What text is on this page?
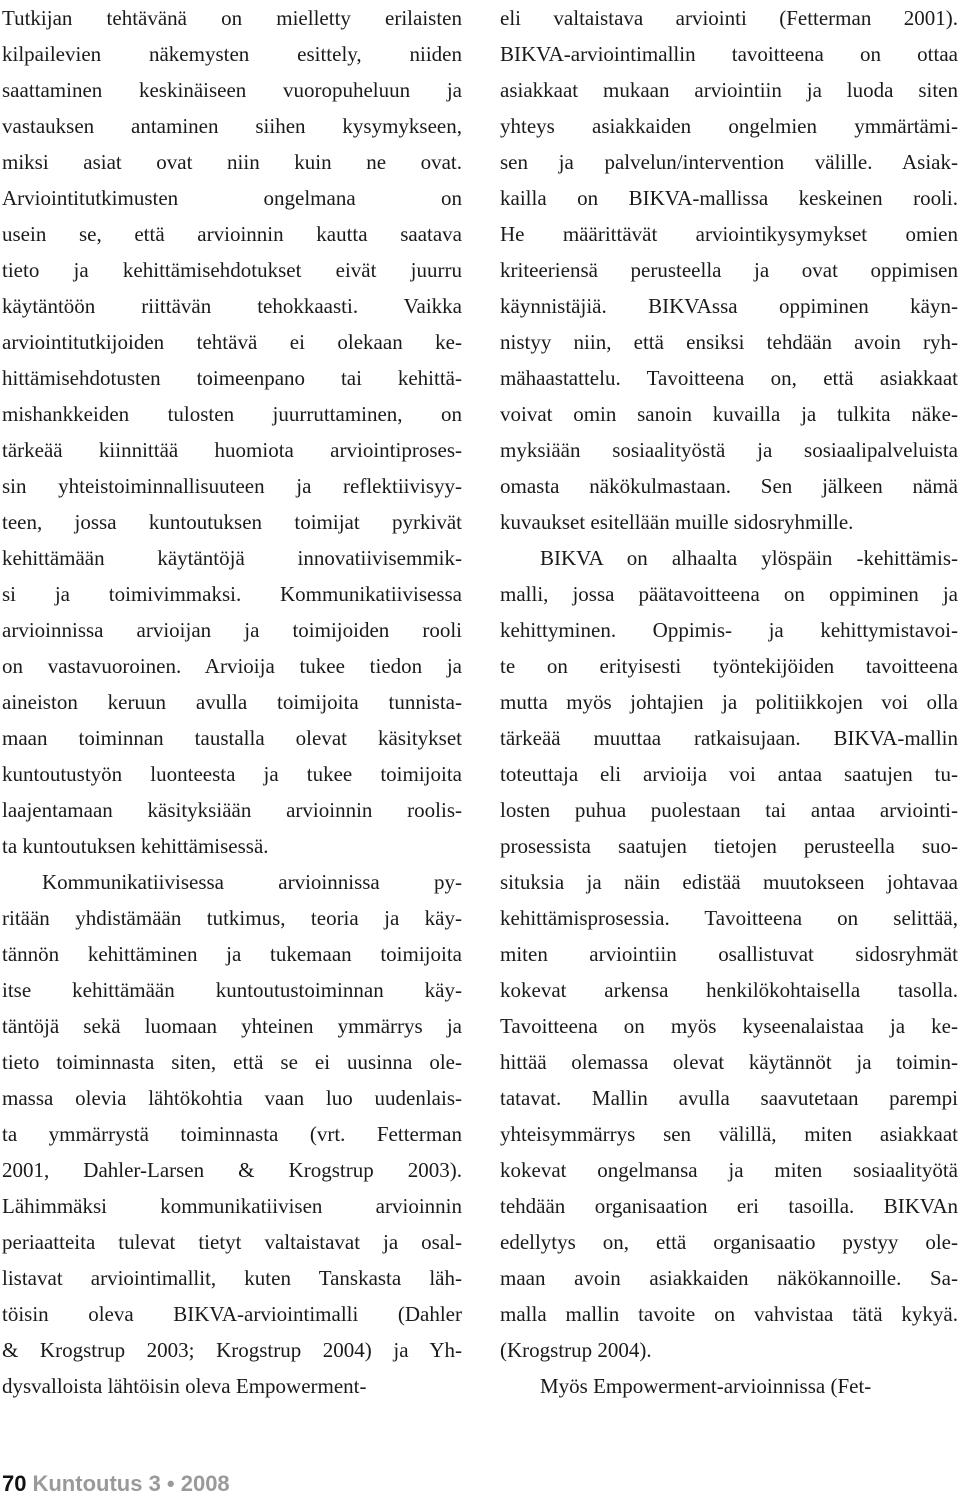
Tutkijan tehtävänä on mielletty erilaisten
kilpailevien näkemysten esittely, niiden
saattaminen keskinäiseen vuoropuheluun ja
vastauksen antaminen siihen kysymykseen,
miksi asiat ovat niin kuin ne ovat.
Arviointitutkimusten ongelmana on
usein se, että arvioinnin kautta saatava
tieto ja kehittämisehdotukset eivät juurru
käytäntöön riittävän tehokkaasti. Vaikka
arviointitutkijoiden tehtävä ei olekaan ke-
hittämisehdotusten toimeenpano tai kehittä-
mishankkeiden tulosten juurruttaminen, on
tärkeää kiinnittää huomiota arviointiproses-
sin yhteistoiminnallisuuteen ja reflektiivisyy-
teen, jossa kuntoutuksen toimijat pyrkivät
kehittämään käytäntöjä innovatiivisemmik-
si ja toimivimmaksi. Kommunikatiivisessa
arvioinnissa arvioijan ja toimijoiden rooli
on vastavuoroinen. Arvioija tukee tiedon ja
aineiston keruun avulla toimijoita tunnista-
maan toiminnan taustalla olevat käsitykset
kuntoutustyön luonteesta ja tukee toimijoita
laajentamaan käsityksiään arvioinnin roolis-
ta kuntoutuksen kehittämisessä.
Kommunikatiivisessa arvioinnissa py-
ritään yhdistämään tutkimus, teoria ja käy-
tännön kehittäminen ja tukemaan toimijoita
itse kehittämään kuntoutustoiminnan käy-
täntöjä sekä luomaan yhteinen ymmärrys ja
tieto toiminnasta siten, että se ei uusinna ole-
massa olevia lähtökohtia vaan luo uudenlais-
ta ymmärrystä toiminnasta (vrt. Fetterman
2001, Dahler-Larsen & Krogstrup 2003).
Lähimmäksi kommunikatiivisen arvioinnin
periaatteita tulevat tietyt valtaistavat ja osal-
listavat arviointimallit, kuten Tanskasta läh-
töisin oleva BIKVA-arviointimalli (Dahler
& Krogstrup 2003; Krogstrup 2004) ja Yh-
dysvalloista lähtöisin oleva Empowerment-
eli valtaistava arviointi (Fetterman 2001).
BIKVA-arviointimallin tavoitteena on ottaa
asiakkaat mukaan arviointiin ja luoda siten
yhteys asiakkaiden ongelmien ymmärtämi-
sen ja palvelun/intervention välille. Asiak-
kailla on BIKVA-mallissa keskeinen rooli.
He määrittävät arviointikysymykset omien
kriteeriensä perusteella ja ovat oppimisen
käynnistäjiä. BIKVAssa oppiminen käyn-
nistyy niin, että ensiksi tehdään avoin ryh-
mähaastattelu. Tavoitteena on, että asiakkaat
voivat omin sanoin kuvailla ja tulkita näke-
myksiään sosiaalityöstä ja sosiaalipalveluista
omasta näkökulmastaan. Sen jälkeen nämä
kuvaukset esitellään muille sidosryhmille.
BIKVA on alhaalta ylöspäin -kehittämis-
malli, jossa päätavoitteena on oppiminen ja
kehittyminen. Oppimis- ja kehittymistavoi-
te on erityisesti työntekijöiden tavoitteena
mutta myös johtajien ja politiikkojen voi olla
tärkeää muuttaa ratkaisujaan. BIKVA-mallin
toteuttaja eli arvioija voi antaa saatujen tu-
losten puhua puolestaan tai antaa arviointi-
prosessista saatujen tietojen perusteella suo-
situksia ja näin edistää muutokseen johtavaa
kehittämisprosessia. Tavoitteena on selittää,
miten arviointiin osallistuvat sidosryhmät
kokevat arkensa henkilökohtaisella tasolla.
Tavoitteena on myös kyseenalaistaa ja ke-
hittää olemassa olevat käytännöt ja toimin-
tatavat. Mallin avulla saavutetaan parempi
yhteisymmärrys sen välillä, miten asiakkaat
kokevat ongelmansa ja miten sosiaalityötä
tehdään organisaation eri tasoilla. BIKVAn
edellytys on, että organisaatio pystyy ole-
maan avoin asiakkaiden näkökannoille. Sa-
malla mallin tavoite on vahvistaa tätä kykyä.
(Krogstrup 2004).
Myös Empowerment-arvioinnissa (Fet-
70 Kuntoutus 3 • 2008
